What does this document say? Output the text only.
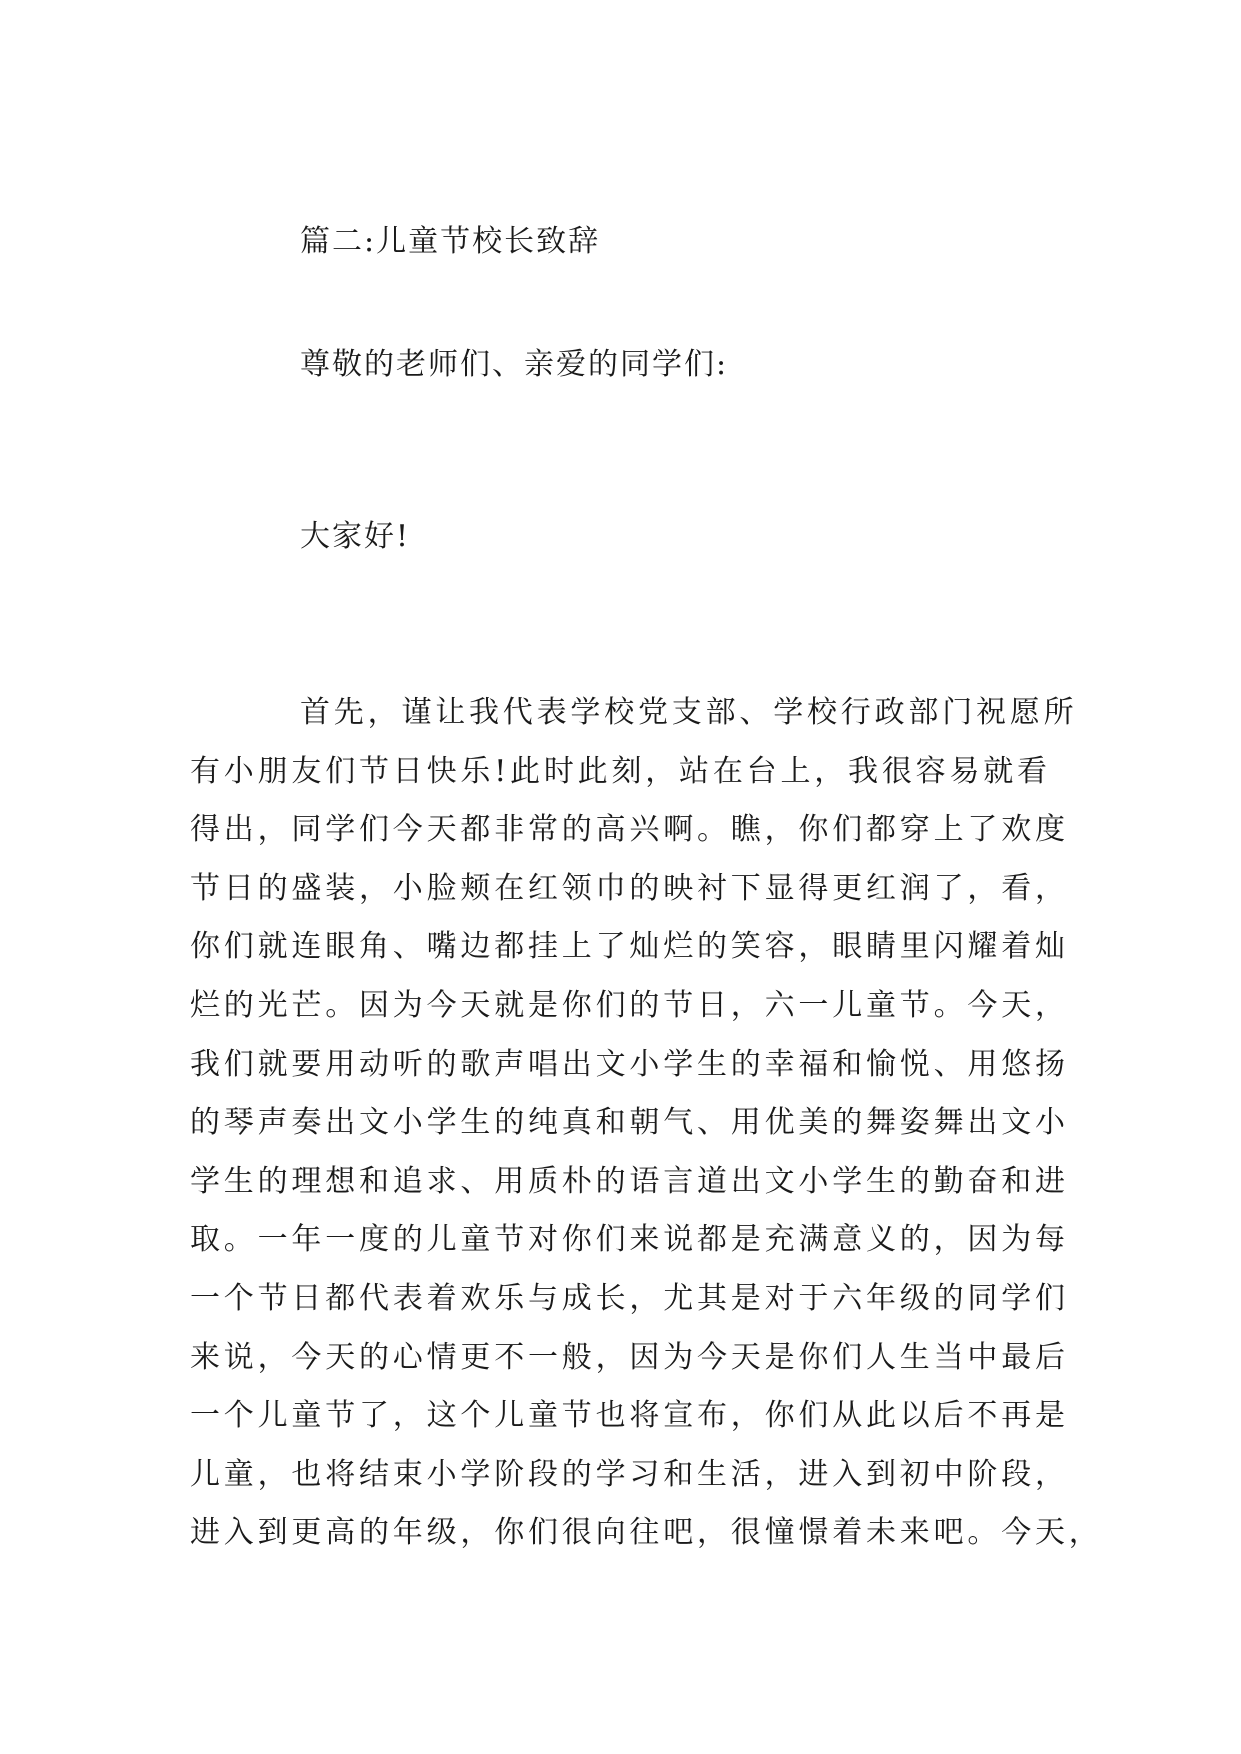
篇二:儿童节校长致辞
尊敬的老师们、亲爱的同学们:
大家好!
首先，谨让我代表学校党支部、学校行政部门祝愿所
有小朋友们节日快乐!此时此刻，站在台上，我很容易就看
得出，同学们今天都非常的高兴啊。瞧，你们都穿上了欢度
节日的盛装，小脸颊在红领巾的映衬下显得更红润了，看，
你们就连眼角、嘴边都挂上了灿烂的笑容，眼睛里闪耀着灿
烂的光芒。因为今天就是你们的节日，六一儿童节。今天，
我们就要用动听的歌声唱出文小学生的幸福和愉悦、用悠扬
的琴声奏出文小学生的纯真和朝气、用优美的舞姿舞出文小
学生的理想和追求、用质朴的语言道出文小学生的勤奋和进
取。一年一度的儿童节对你们来说都是充满意义的，因为每
一个节日都代表着欢乐与成长，尤其是对于六年级的同学们
来说，今天的心情更不一般，因为今天是你们人生当中最后
一个儿童节了，这个儿童节也将宣布，你们从此以后不再是
儿童，也将结束小学阶段的学习和生活，进入到初中阶段，
进入到更高的年级，你们很向往吧，很憧憬着未来吧。今天，
